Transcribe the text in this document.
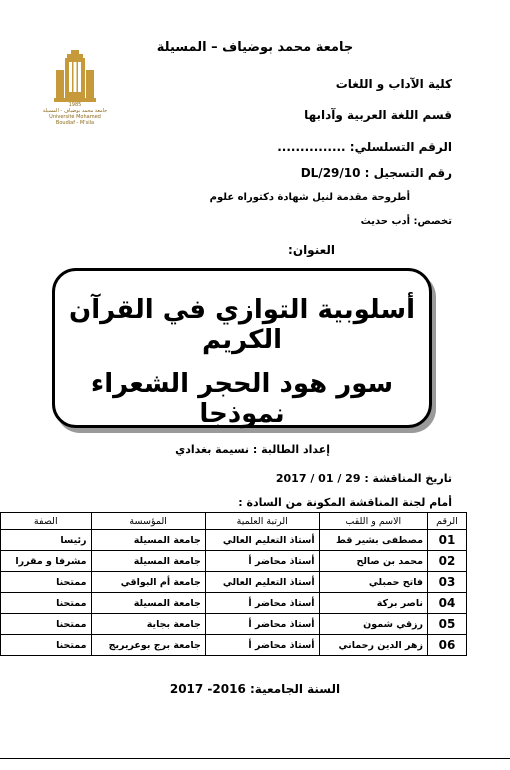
جامعة محمد بوضياف – المسيلة
1985
جامعة محمد بوضياف - المسيلة
Université Mohamed Boudiaf - M'sila
كلية الآداب و اللغات
قسم اللغة العربية وآدابها
الرقم التسلسلي: ...............
رقم التسجيل : DL/29/10
أطروحة مقدمة لنيل شهادة دكتوراه علوم
تخصص: أدب حديث
العنوان:
أسلوبية التوازي في القرآن الكريم
سور هود الحجر الشعراء نموذجا
إعداد الطالبة : نسيمة بغدادي
تاريخ المناقشة : 29 / 01 / 2017
أمام لجنة المناقشة المكونة من السادة :
الرقم	الاسم و اللقب	الرتبة العلمية	المؤسسة	الصفة
01	مصطفى بشير قط	أستاذ التعليم العالي	جامعة المسيلة	رئيسا
02	محمد بن صالح	أستاذ محاضر أ	جامعة المسيلة	مشرفا و مقررا
03	فاتح حمبلي	أستاذ التعليم العالي	جامعة أم البواقي	ممتحنا
04	ناصر بركة	أستاذ محاضر أ	جامعة المسيلة	ممتحنا
05	رزقي شمون	أستاذ محاضر أ	جامعة بجاية	ممتحنا
06	زهر الدين رحماني	أستاذ محاضر أ	جامعة برج بوعريريج	ممتحنا
السنة الجامعية: 2016- 2017
